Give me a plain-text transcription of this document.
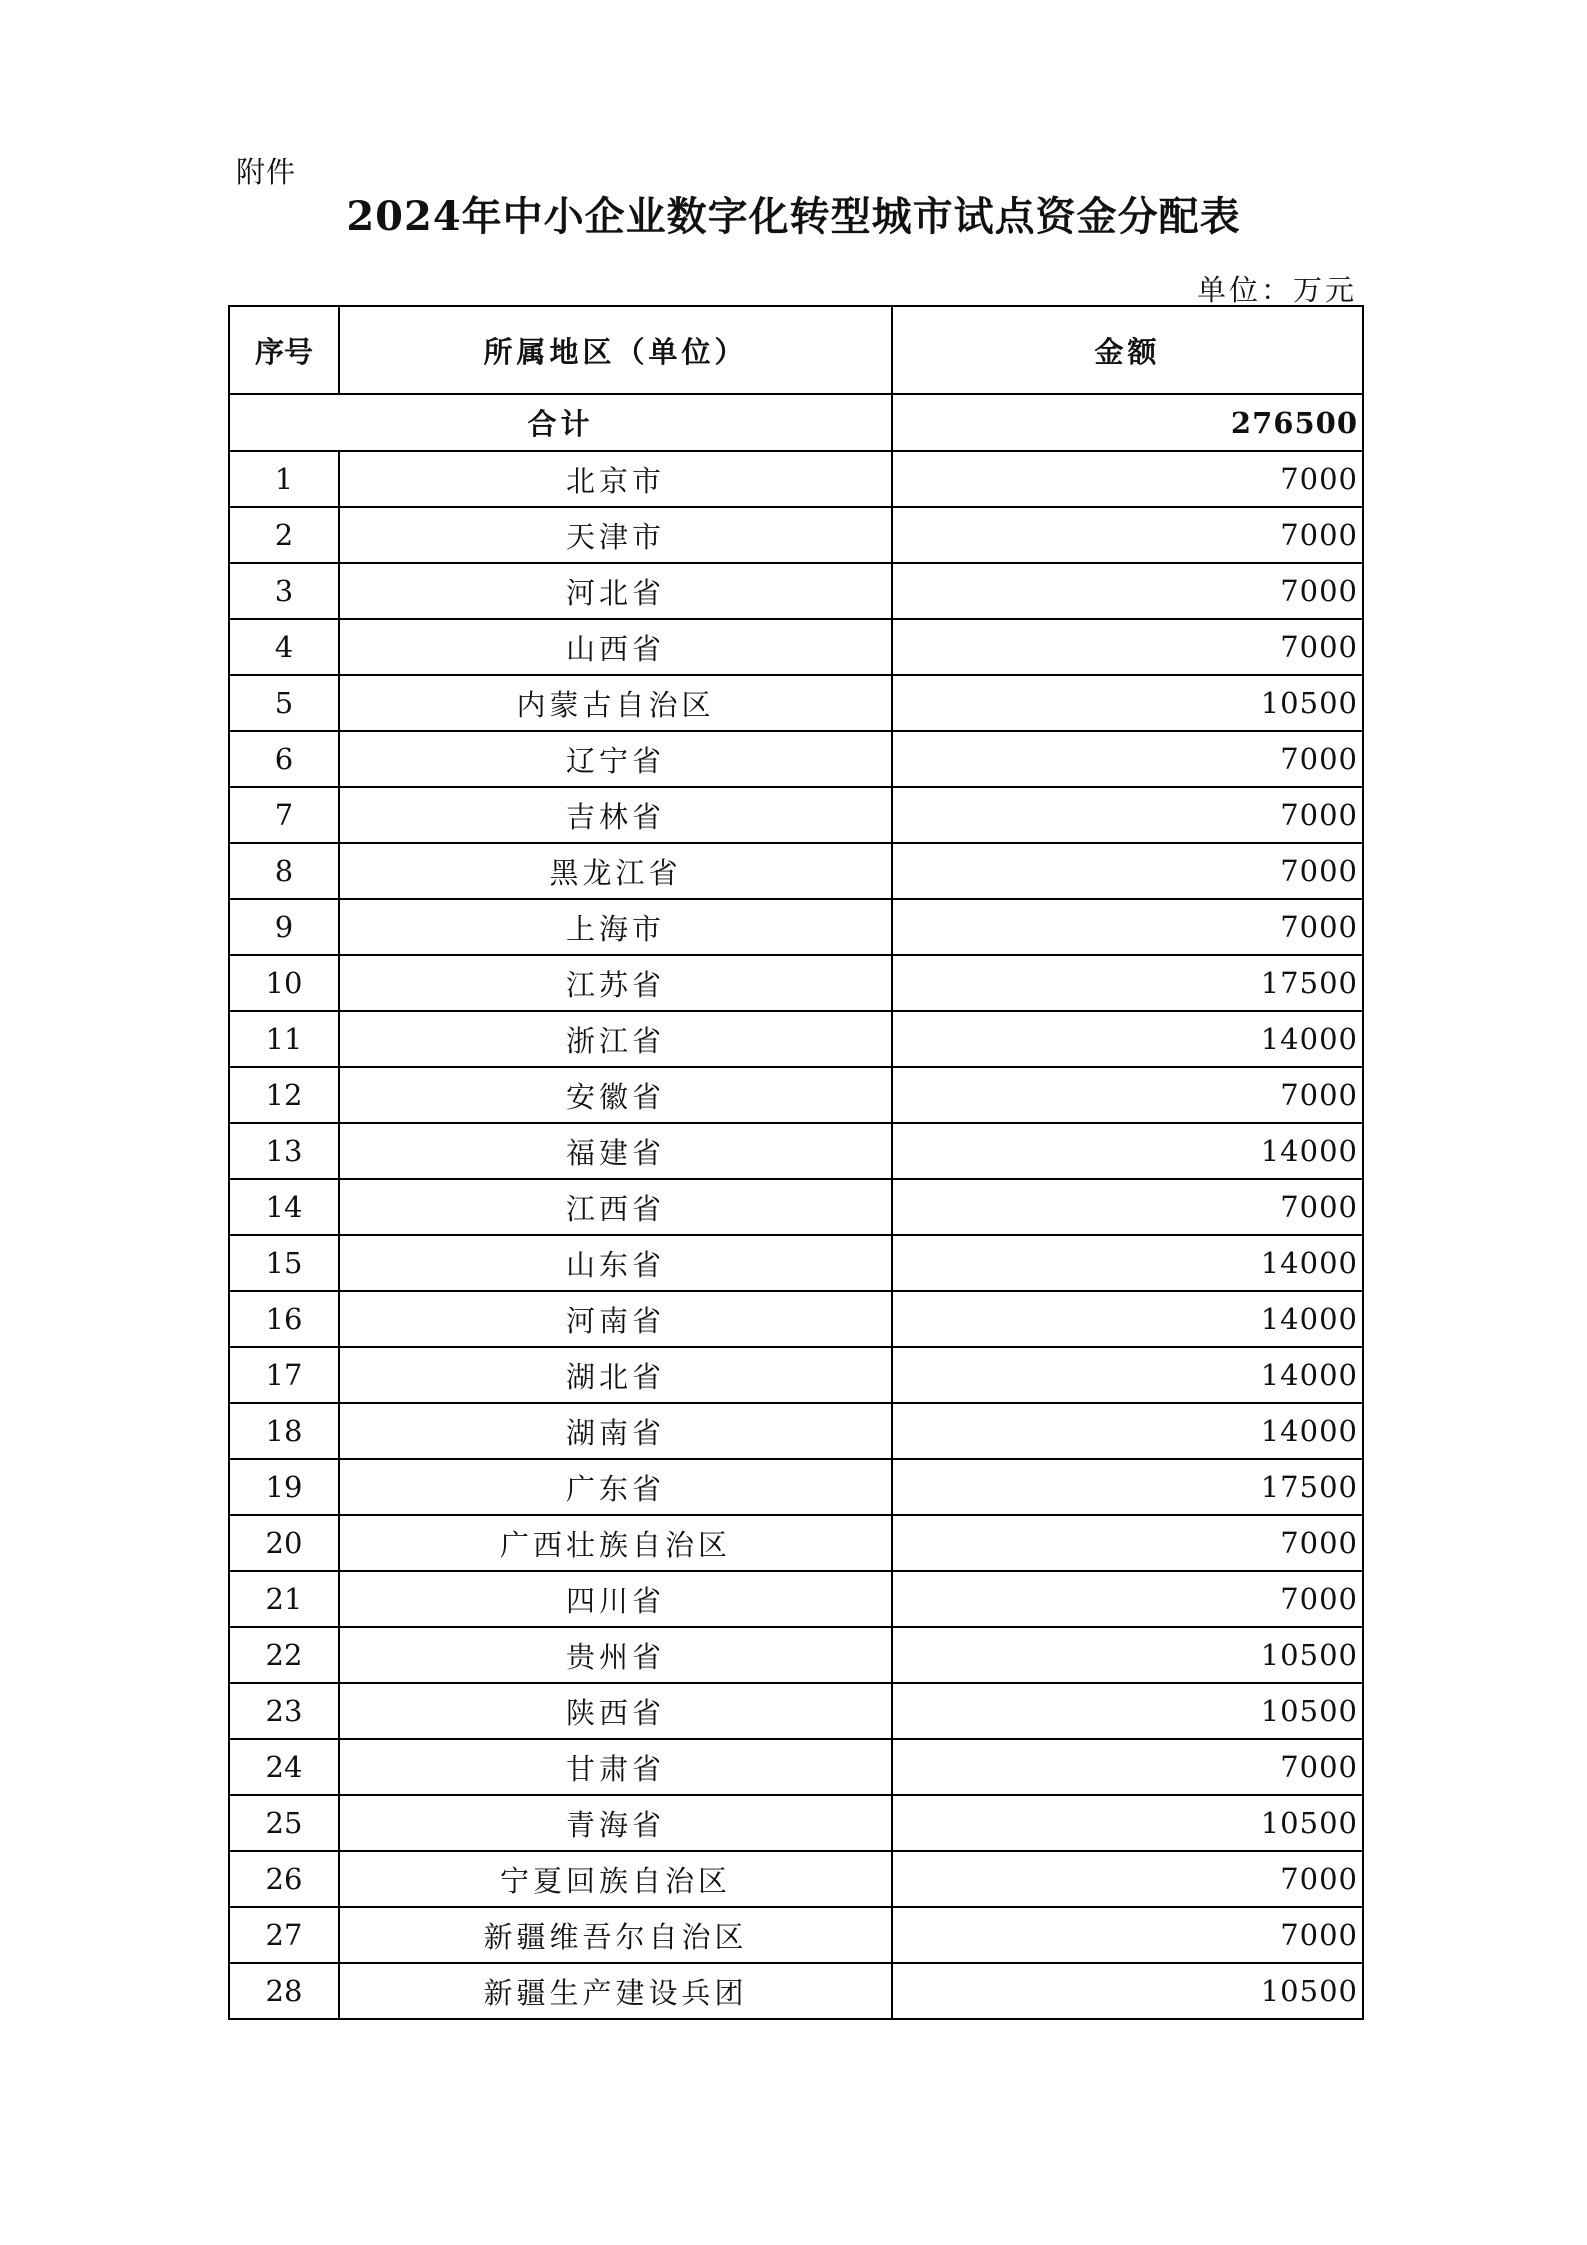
附件
2024年中小企业数字化转型城市试点资金分配表
单位：万元
序号	所属地区（单位）	金额
合计		276500
1	北京市	7000
2	天津市	7000
3	河北省	7000
4	山西省	7000
5	内蒙古自治区	10500
6	辽宁省	7000
7	吉林省	7000
8	黑龙江省	7000
9	上海市	7000
10	江苏省	17500
11	浙江省	14000
12	安徽省	7000
13	福建省	14000
14	江西省	7000
15	山东省	14000
16	河南省	14000
17	湖北省	14000
18	湖南省	14000
19	广东省	17500
20	广西壮族自治区	7000
21	四川省	7000
22	贵州省	10500
23	陕西省	10500
24	甘肃省	7000
25	青海省	10500
26	宁夏回族自治区	7000
27	新疆维吾尔自治区	7000
28	新疆生产建设兵团	10500
